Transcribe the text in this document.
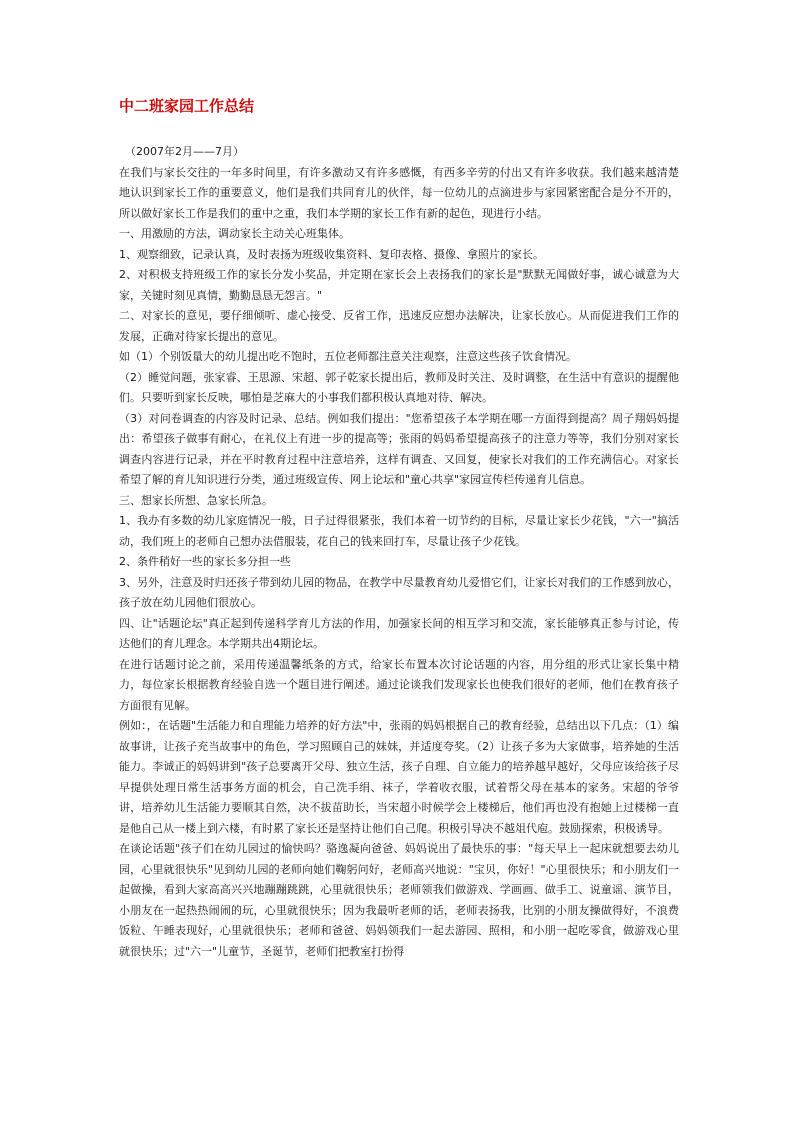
中二班家园工作总结

（2007年2月——7月）

在我们与家长交往的一年多时间里，有许多激动又有许多感慨，有西多辛劳的付出又有许多收获。我们越来越清楚地认识到家长工作的重要意义，他们是我们共同育儿的伙伴，每一位幼儿的点滴进步与家园紧密配合是分不开的，所以做好家长工作是我们的重中之重，我们本学期的家长工作有新的起色，现进行小结。

一、用激励的方法，调动家长主动关心班集体。

1、观察细致，记录认真，及时表扬为班级收集资料、复印表格、摄像、拿照片的家长。

2、对积极支持班级工作的家长分发小奖品，并定期在家长会上表扬我们的家长是"默默无闻做好事，诚心诚意为大家，关键时刻见真情，勤勤恳恳无怨言。"

二、对家长的意见，要仔细倾听、虚心接受、反省工作，迅速反应想办法解决，让家长放心。从而促进我们工作的发展，正确对待家长提出的意见。

如（1）个别饭量大的幼儿提出吃不饱时，五位老师都注意关注观察，注意这些孩子饮食情况。

（2）睡觉问题，张家睿、王思源、宋超、郭子乾家长提出后，教师及时关注、及时调整，在生活中有意识的提醒他们。只要听到家长反映，哪怕是芝麻大的小事我们都积极认真地对待、解决。

（3）对问卷调查的内容及时记录、总结。例如我们提出："您希望孩子本学期在哪一方面得到提高？周子翔妈妈提出：希望孩子做事有耐心，在礼仪上有进一步的提高等；张雨的妈妈希望提高孩子的注意力等等，我们分别对家长调查内容进行记录，并在平时教育过程中注意培养，这样有调查、又回复，使家长对我们的工作充满信心。对家长希望了解的育儿知识进行分类，通过班级宣传、网上论坛和"童心共享"家园宣传栏传递育儿信息。

三、想家长所想、急家长所急。

1、我办有多数的幼儿家庭情况一般，日子过得很紧张，我们本着一切节约的目标，尽量让家长少花钱，"六一"搞活动，我们班上的老师自己想办法借服装，花自己的钱来回打车，尽量让孩子少花钱。

2、条件稍好一些的家长多分担一些

3、另外，注意及时归还孩子带到幼儿园的物品，在教学中尽量教育幼儿爱惜它们，让家长对我们的工作感到放心，孩子放在幼儿园他们很放心。

四、让"话题论坛"真正起到传递科学育儿方法的作用，加强家长间的相互学习和交流，家长能够真正参与讨论，传达他们的育儿理念。本学期共出4期论坛。

在进行话题讨论之前，采用传递温馨纸条的方式，给家长布置本次讨论话题的内容，用分组的形式让家长集中精力，每位家长根据教育经验自选一个题目进行阐述。通过论谈我们发现家长也使我们很好的老师，他们在教育孩子方面很有见解。

例如：，在话题"生活能力和自理能力培养的好方法"中，张雨的妈妈根据自己的教育经验，总结出以下几点：（1）编故事讲，让孩子充当故事中的角色，学习照顾自己的妹妹，并适度夸奖。（2）让孩子多为大家做事，培养她的生活能力。李诚正的妈妈讲到"孩子总要离开父母、独立生活，孩子自理、自立能力的培养越早越好，父母应该给孩子尽早提供处理日常生活事务方面的机会，自己洗手绢、袜子，学着收衣服，试着帮父母在基本的家务。宋超的爷爷讲，培养幼儿生活能力要顺其自然，决不拔苗助长，当宋超小时候学会上楼梯后，他们再也没有抱她上过楼梯一直是他自己从一楼上到六楼，有时累了家长还是坚持让他们自己爬。积极引导决不越俎代庖。鼓励探索，积极诱导。

在谈论话题"孩子们在幼儿园过的愉快吗？骆逸凝向爸爸、妈妈说出了最快乐的事："每天早上一起床就想要去幼儿园，心里就很快乐"见到幼儿园的老师向她们鞠躬问好，老师高兴地说："宝贝，你好！"心里很快乐；和小朋友们一起做操，看到大家高高兴兴地蹦蹦跳跳，心里就很快乐；老师领我们做游戏、学画画、做手工、说童谣、演节目，小朋友在一起热热闹闹的玩，心里就很快乐；因为我最听老师的话，老师表扬我，比别的小朋友操做得好，不浪费饭粒、午睡表现好，心里就很快乐；老师和爸爸、妈妈领我们一起去游园、照相，和小朋一起吃零食，做游戏心里就很快乐；过"六一"儿童节，圣诞节，老师们把教室打扮得
